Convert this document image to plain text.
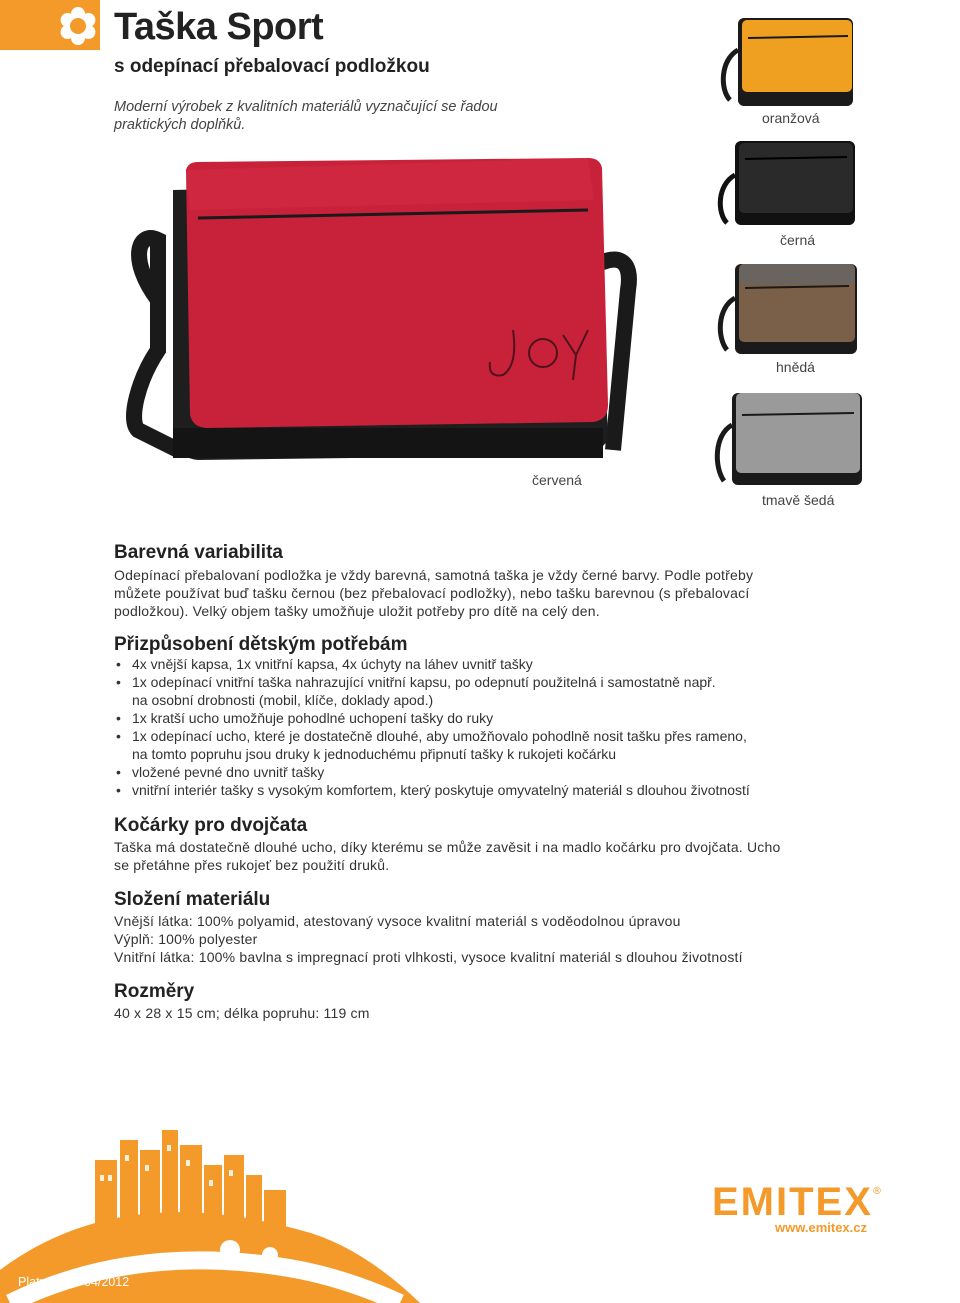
Taška Sport
s odepínací přebalovací podložkou
Moderní výrobek z kvalitních materiálů vyznačující se řadou praktických doplňků.
červená
oranžová
černá
hnědá
tmavě šedá
Barevná variabilita
Odepínací přebalovaní podložka je vždy barevná, samotná taška je vždy černé barvy. Podle potřeby
můžete používat buď tašku černou (bez přebalovací podložky), nebo tašku barevnou (s přebalovací
podložkou). Velký objem tašky umožňuje uložit potřeby pro dítě na celý den.
Přizpůsobení dětským potřebám
• 4x vnější kapsa, 1x vnitřní kapsa, 4x úchyty na láhev uvnitř tašky
• 1x odepínací vnitřní taška nahrazující vnitřní kapsu, po odepnutí použitelná i samostatně např.
na osobní drobnosti (mobil, klíče, doklady apod.)
• 1x kratší ucho umožňuje pohodlné uchopení tašky do ruky
• 1x odepínací ucho, které je dostatečně dlouhé, aby umožňovalo pohodlně nosit tašku přes rameno,
na tomto popruhu jsou druky k jednoduchému připnutí tašky k rukojeti kočárku
• vložené pevné dno uvnitř tašky
• vnitřní interiér tašky s vysokým komfortem, který poskytuje omyvatelný materiál s dlouhou životností
Kočárky pro dvojčata
Taška má dostatečně dlouhé ucho, díky kterému se může zavěsit i na madlo kočárku pro dvojčata. Ucho
se přetáhne přes rukojeť bez použití druků.
Složení materiálu
Vnější látka: 100% polyamid, atestovaný vysoce kvalitní materiál s voděodolnou úpravou
Výplň: 100% polyester
Vnitřní látka: 100% bavlna s impregnací proti vlhkosti, vysoce kvalitní materiál s dlouhou životností
Rozměry
40 x 28 x 15 cm; délka popruhu: 119 cm
Platnost od 04/2012
EMITEX ®
www.emitex.cz
